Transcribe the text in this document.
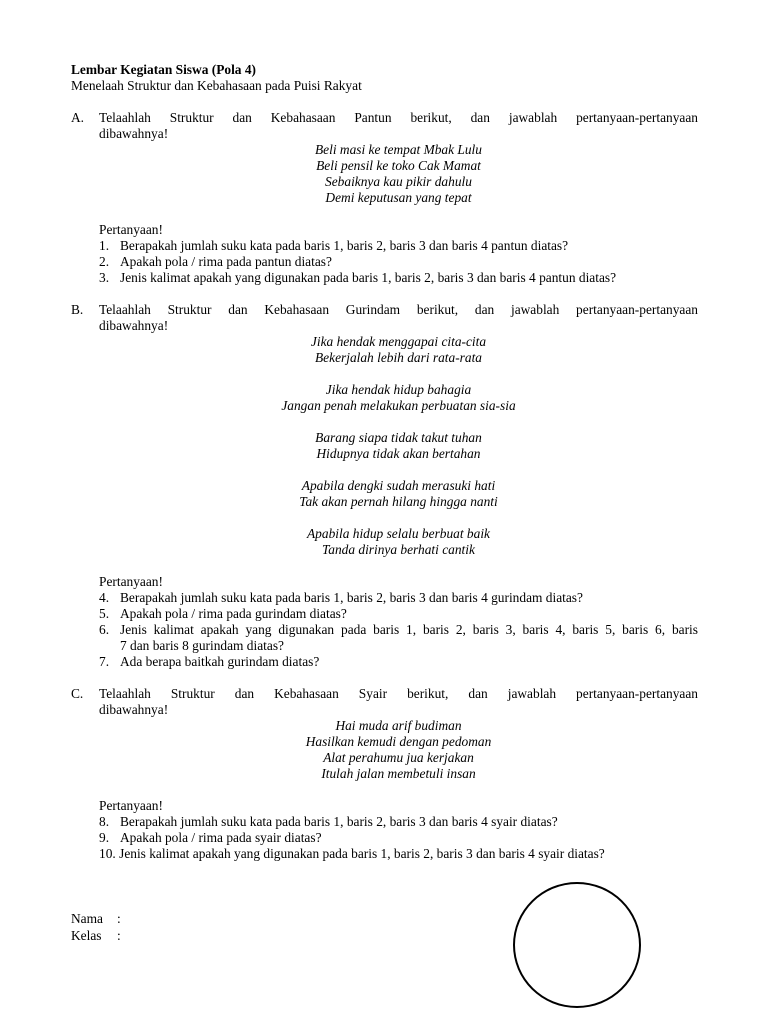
Lembar Kegiatan Siswa (Pola 4)
Menelaah Struktur dan Kebahasaan pada Puisi Rakyat
A. Telaahlah Struktur dan Kebahasaan Pantun berikut, dan jawablah pertanyaan-pertanyaan
dibawahnya!
Beli masi ke tempat Mbak Lulu
Beli pensil ke toko Cak Mamat
Sebaiknya kau pikir dahulu
Demi keputusan yang tepat
Pertanyaan!
1. Berapakah jumlah suku kata pada baris 1, baris 2, baris 3 dan baris 4 pantun diatas?
2. Apakah pola / rima pada pantun diatas?
3. Jenis kalimat apakah yang digunakan pada baris 1, baris 2, baris 3 dan baris 4 pantun diatas?
B. Telaahlah Struktur dan Kebahasaan Gurindam berikut, dan jawablah pertanyaan-pertanyaan
dibawahnya!
Jika hendak menggapai cita-cita
Bekerjalah lebih dari rata-rata
Jika hendak hidup bahagia
Jangan penah melakukan perbuatan sia-sia
Barang siapa tidak takut tuhan
Hidupnya tidak akan bertahan
Apabila dengki sudah merasuki hati
Tak akan pernah hilang hingga nanti
Apabila hidup selalu berbuat baik
Tanda dirinya berhati cantik
Pertanyaan!
4. Berapakah jumlah suku kata pada baris 1, baris 2, baris 3 dan baris 4 gurindam diatas?
5. Apakah pola / rima pada gurindam diatas?
6. Jenis kalimat apakah yang digunakan pada baris 1, baris 2, baris 3, baris 4, baris 5, baris 6, baris
7 dan baris 8 gurindam diatas?
7. Ada berapa baitkah gurindam diatas?
C. Telaahlah Struktur dan Kebahasaan Syair berikut, dan jawablah pertanyaan-pertanyaan
dibawahnya!
Hai muda arif budiman
Hasilkan kemudi dengan pedoman
Alat perahumu jua kerjakan
Itulah jalan membetuli insan
Pertanyaan!
8. Berapakah jumlah suku kata pada baris 1, baris 2, baris 3 dan baris 4 syair diatas?
9. Apakah pola / rima pada syair diatas?
10. Jenis kalimat apakah yang digunakan pada baris 1, baris 2, baris 3 dan baris 4 syair diatas?
Nama :
Kelas :
